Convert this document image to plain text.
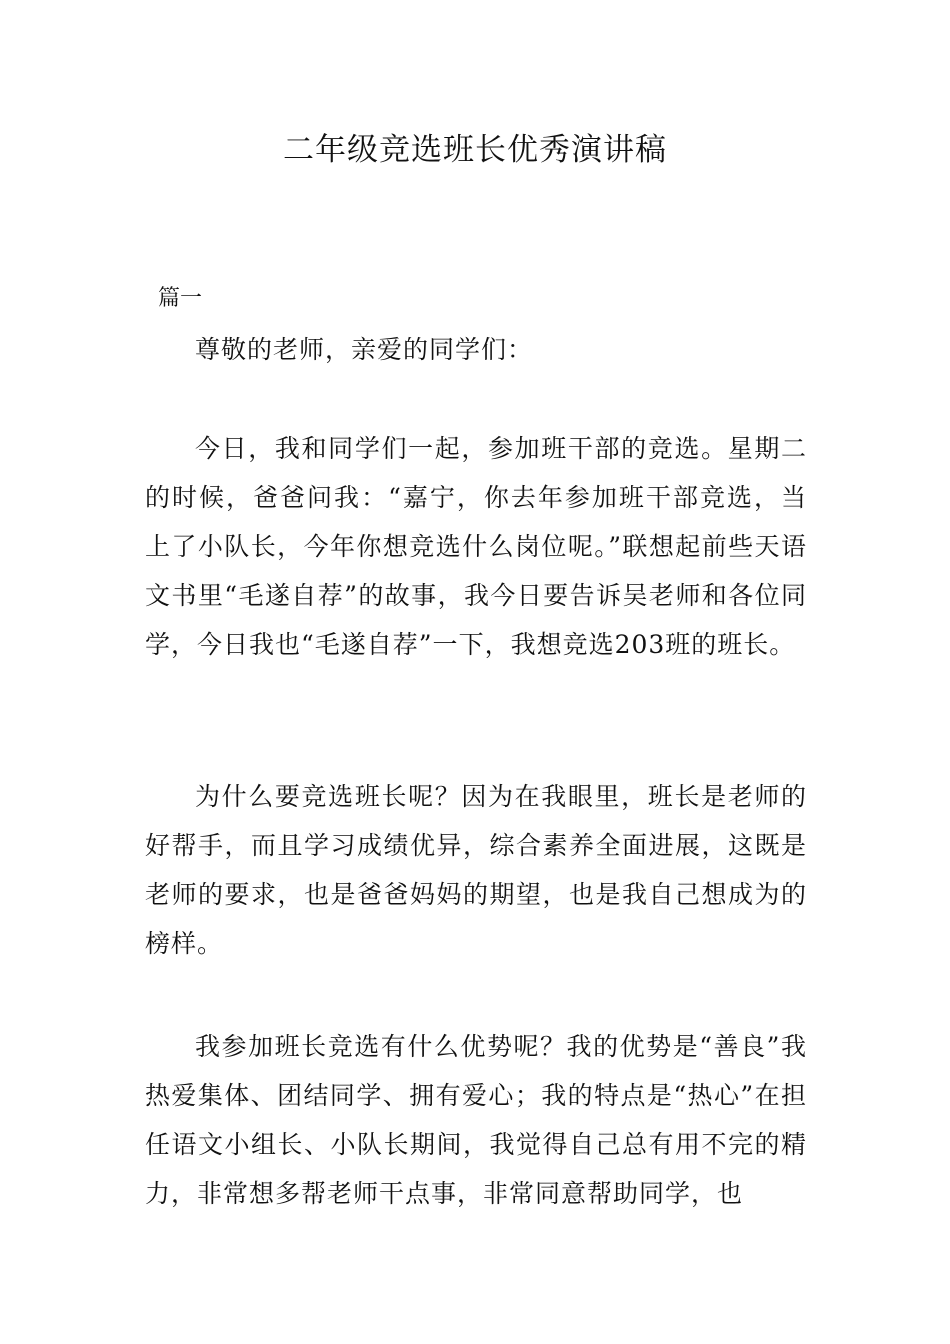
二年级竞选班长优秀演讲稿
篇一

尊敬的老师，亲爱的同学们：

今日，我和同学们一起，参加班干部的竞选。星期二的时候，爸爸问我：“嘉宁，你去年参加班干部竞选，当上了小队长，今年你想竞选什么岗位呢。”联想起前些天语文书里“毛遂自荐”的故事，我今日要告诉吴老师和各位同学，今日我也“毛遂自荐”一下，我想竞选203班的班长。

为什么要竞选班长呢？因为在我眼里，班长是老师的好帮手，而且学习成绩优异，综合素养全面进展，这既是老师的要求，也是爸爸妈妈的期望，也是我自己想成为的榜样。

我参加班长竞选有什么优势呢？我的优势是“善良”我热爱集体、团结同学、拥有爱心；我的特点是“热心”在担任语文小组长、小队长期间，我觉得自己总有用不完的精力，非常想多帮老师干点事，非常同意帮助同学，也
